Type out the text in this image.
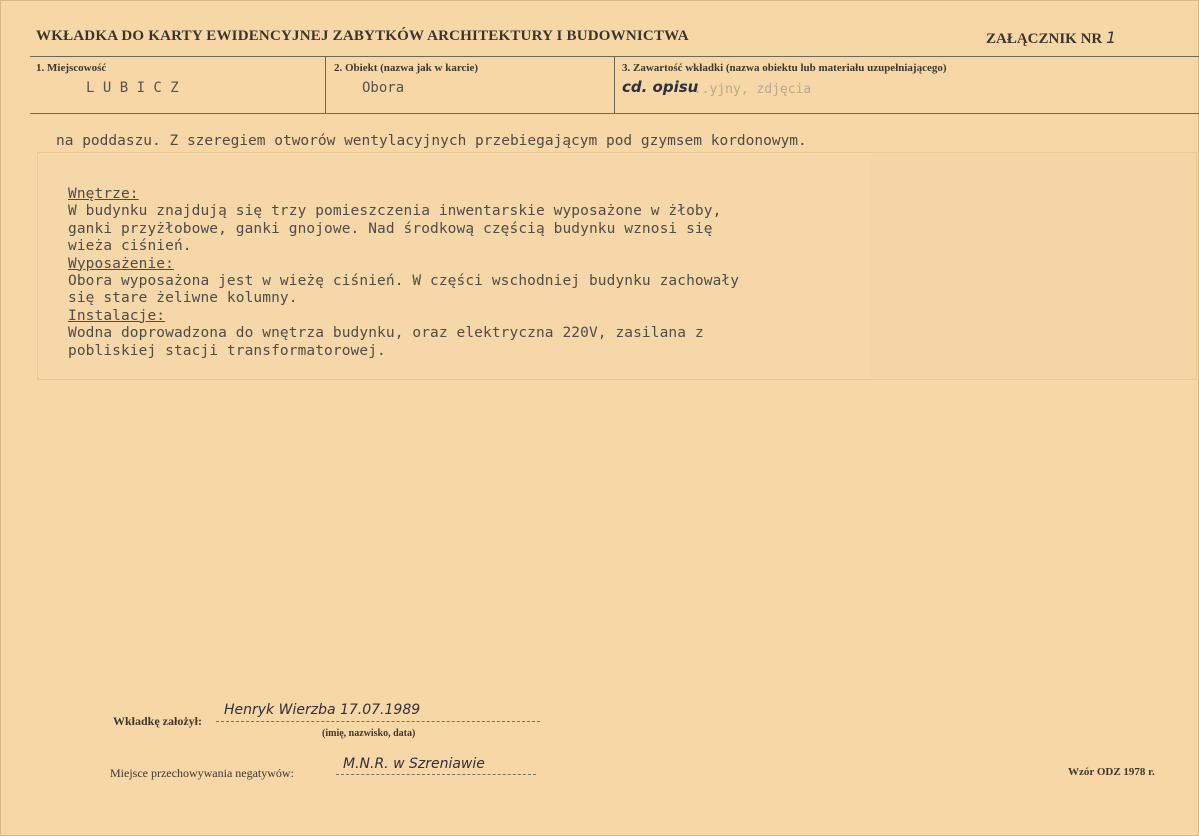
WKŁADKA DO KARTY EWIDENCYJNEJ ZABYTKÓW ARCHITEKTURY I BUDOWNICTWA	ZAŁĄCZNIK NR 1
1. Miejscowość
L U B I C Z
2. Obiekt (nazwa jak w karcie)
Obora
3. Zawartość wkładki (nazwa obiektu lub materiału uzupełniającego)
...yjny, zdjęcia
cd. opisu
na poddaszu. Z szeregiem otworów wentylacyjnych przebiegającym pod gzymsem kordonowym.
Wnętrze:
W budynku znajdują się trzy pomieszczenia inwentarskie wyposażone w żłoby,
ganki przyżłobowe, ganki gnojowe. Nad środkową częścią budynku wznosi się
wieża ciśnień.
Wyposażenie:
Obora wyposażona jest w wieżę ciśnień. W części wschodniej budynku zachowały
się stare żeliwne kolumny.
Instalacje:
Wodna doprowadzona do wnętrza budynku, oraz elektryczna 220V, zasilana z
pobliskiej stacji transformatorowej.
Wkładkę założył:
Henryk Wierzba 17.07.1989
(imię, nazwisko, data)
Miejsce przechowywania negatywów:
M.N.R. w Szreniawie	Wzór ODZ 1978 r.
